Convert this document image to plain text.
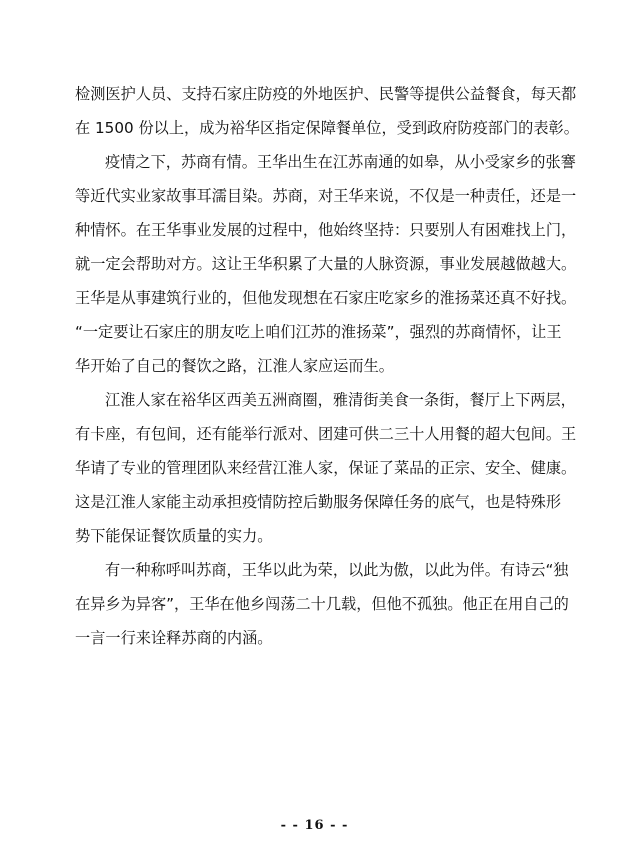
检测医护人员、支持石家庄防疫的外地医护、民警等提供公益餐食，每天都
在 1500 份以上，成为裕华区指定保障餐单位，受到政府防疫部门的表彰。
疫情之下，苏商有情。王华出生在江苏南通的如皋，从小受家乡的张謇
等近代实业家故事耳濡目染。苏商，对王华来说，不仅是一种责任，还是一
种情怀。在王华事业发展的过程中，他始终坚持：只要别人有困难找上门，
就一定会帮助对方。这让王华积累了大量的人脉资源，事业发展越做越大。
王华是从事建筑行业的，但他发现想在石家庄吃家乡的淮扬菜还真不好找。
“一定要让石家庄的朋友吃上咱们江苏的淮扬菜”，强烈的苏商情怀，让王
华开始了自己的餐饮之路，江淮人家应运而生。
江淮人家在裕华区西美五洲商圈，雅清街美食一条街，餐厅上下两层，
有卡座，有包间，还有能举行派对、团建可供二三十人用餐的超大包间。王
华请了专业的管理团队来经营江淮人家，保证了菜品的正宗、安全、健康。
这是江淮人家能主动承担疫情防控后勤服务保障任务的底气，也是特殊形
势下能保证餐饮质量的实力。
有一种称呼叫苏商，王华以此为荣，以此为傲，以此为伴。有诗云“独
在异乡为异客”，王华在他乡闯荡二十几载，但他不孤独。他正在用自己的
一言一行来诠释苏商的内涵。
- - 16 - -
